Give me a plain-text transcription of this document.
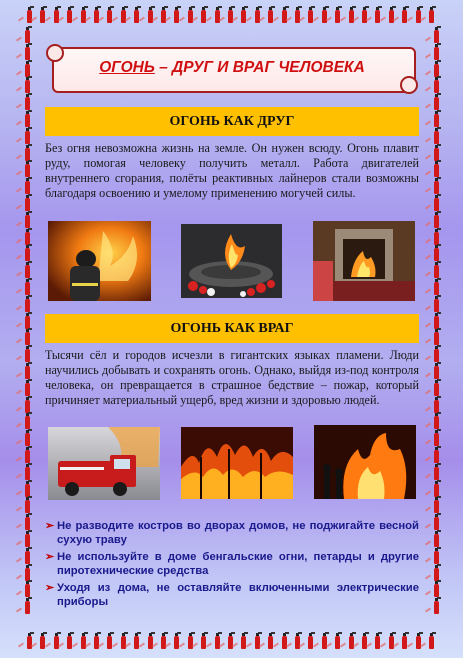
ОГОНЬ – ДРУГ И ВРАГ ЧЕЛОВЕКА
ОГОНЬ КАК ДРУГ
Без огня невозможна жизнь на земле. Он нужен всюду. Огонь плавит руду, помогая человеку получить металл. Работа двигателей внутреннего сгорания, полёты реактивных лайнеров стали возможны благодаря освоению и умелому применению могучей силы.
ОГОНЬ КАК ВРАГ
Тысячи сёл и городов исчезли в гигантских языках пламени. Люди научились добывать и сохранять огонь. Однако, выйдя из-под контроля человека, он превращается в страшное бедствие – пожар, который причиняет материальный ущерб, вред жизни и здоровью людей.
➢ Не разводите костров во дворах домов, не поджигайте весной сухую траву
➢ Не используйте в доме бенгальские огни, петарды и другие пиротехнические средства
➢ Уходя из дома, не оставляйте включенными электрические приборы
